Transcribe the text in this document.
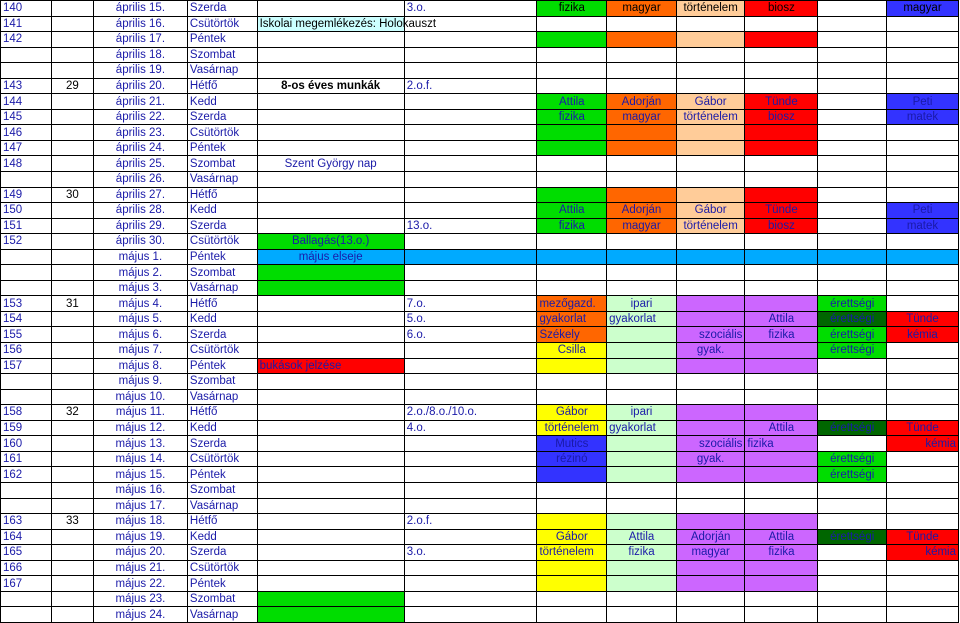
140		április 15.	Szerda		3.o.	fizika	magyar	történelem	biosz		magyar
141		április 16.	Csütörtök	Iskolai megemlékezés: Holokauszt							
142		április 17.	Péntek								
		április 18.	Szombat								
		április 19.	Vasárnap								
143	29	április 20.	Hétfő	8-os éves munkák	2.o.f.						
144		április 21.	Kedd			Attila	Adorján	Gábor	Tünde		Peti
145		április 22.	Szerda			fizika	magyar	történelem	biosz		matek
146		április 23.	Csütörtök								
147		április 24.	Péntek								
148		április 25.	Szombat	Szent György nap							
		április 26.	Vasárnap								
149	30	április 27.	Hétfő								
150		április 28.	Kedd			Attila	Adorján	Gábor	Tünde		Peti
151		április 29.	Szerda		13.o.	fizika	magyar	történelem	biosz		matek
152		április 30.	Csütörtök	Ballagás(13.o.)							
		május 1.	Péntek	május elseje							
		május 2.	Szombat								
		május 3.	Vasárnap								
153	31	május 4.	Hétfő		7.o.	mezőgazd.	ipari			érettségi	
154		május 5.	Kedd		5.o.	gyakorlat	gyakorlat		Attila	érettségi	Tünde
155		május 6.	Szerda		6.o.	Székely		szociális	fizika	érettségi	kémia
156		május 7.	Csütörtök			Csilla		gyak.		érettségi	
157		május 8.	Péntek	bukások jelzése							
		május 9.	Szombat								
		május 10.	Vasárnap								
158	32	május 11.	Hétfő		2.o./8.o./10.o.	Gábor	ipari				
159		május 12.	Kedd		4.o.	történelem	gyakorlat		Attila	érettségi	Tünde
160		május 13.	Szerda			Mutics		szociális	fizika		kémia
161		május 14.	Csütörtök			rézinó		gyak.		érettségi	
162		május 15.	Péntek							érettségi	
		május 16.	Szombat								
		május 17.	Vasárnap								
163	33	május 18.	Hétfő		2.o.f.						
164		május 19.	Kedd			Gábor	Attila	Adorján	Attila	érettségi	Tünde
165		május 20.	Szerda		3.o.	történelem	fizika	magyar	fizika		kémia
166		május 21.	Csütörtök								
167		május 22.	Péntek								
		május 23.	Szombat								
		május 24.	Vasárnap								
